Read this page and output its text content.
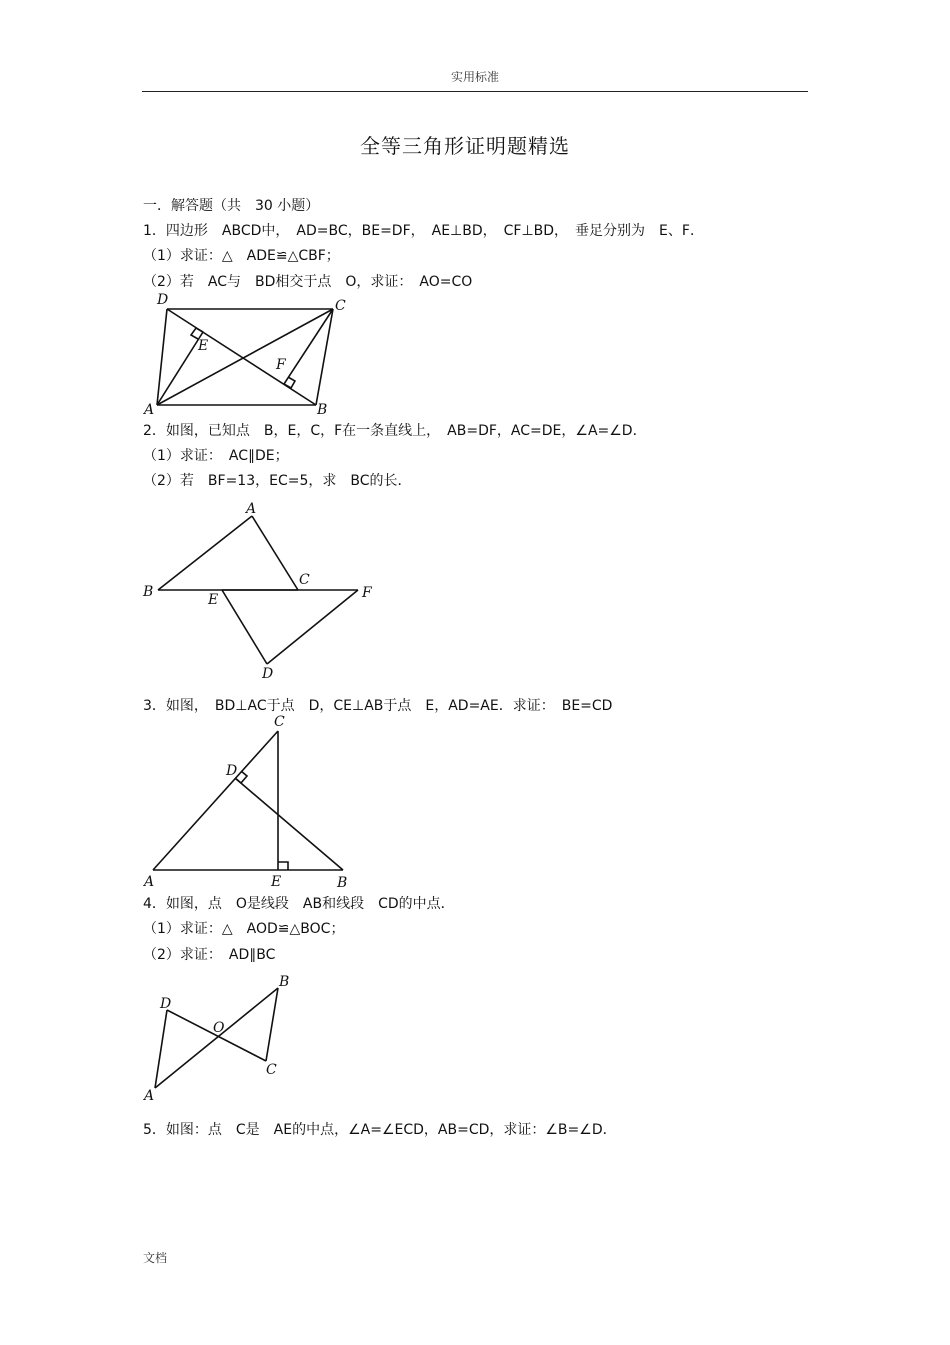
实用标准
全等三角形证明题精选
一．解答题（共　30 小题）
1．四边形　ABCD中，　AD=BC，BE=DF，　AE⊥BD，　CF⊥BD，　垂足分别为　E、F．
（1）求证：△　ADE≌△CBF；
（2）若　AC与　BD相交于点　O，求证：　AO=CO
D	C
E
F
A	B
2．如图，已知点　B，E，C，F在一条直线上，　AB=DF，AC=DE，∠A=∠D．
（1）求证：　AC∥DE；
（2）若　BF=13，EC=5，求　BC的长．
A
B	E
C
F
D
3．如图，　BD⊥AC于点　D，CE⊥AB于点　E，AD=AE．求证：　BE=CD
C
D
A	E	B
4．如图，点　O是线段　AB和线段　CD的中点．
（1）求证：△　AOD≌△BOC；
（2）求证：　AD∥BC
D
B
O
C
A
5．如图：点　C是　AE的中点，∠A=∠ECD，AB=CD，求证：∠B=∠D．
文档
